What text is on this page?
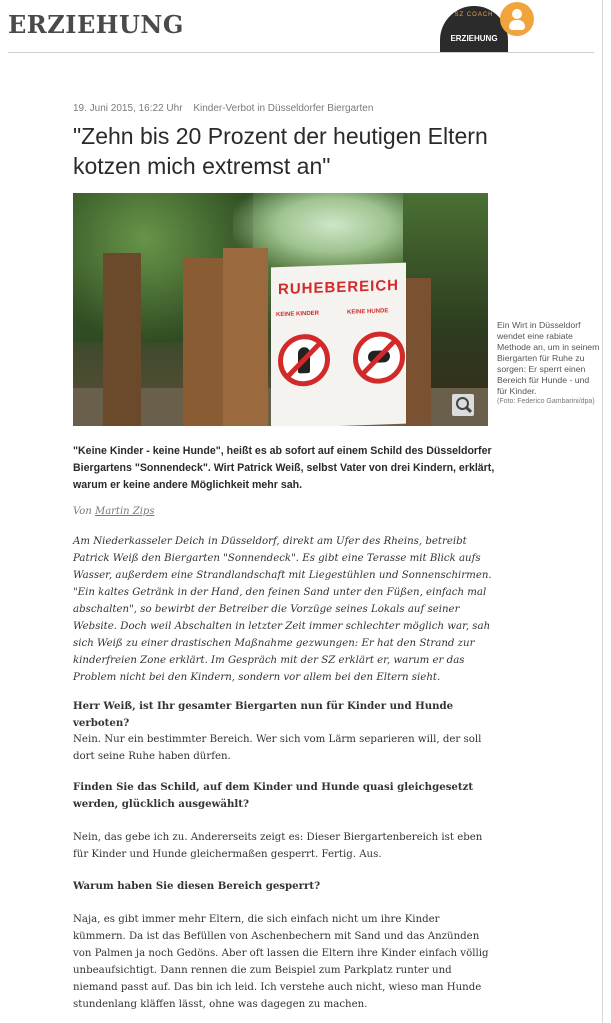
ERZIEHUNG	SZ COACH
ERZIEHUNG
19. Juni 2015, 16:22 Uhr Kinder-Verbot in Düsseldorfer Biergarten
"Zehn bis 20 Prozent der heutigen Eltern kotzen mich extremst an"
RUHEBEREICH
KEINE KINDER	KEINE HUNDE
Ein Wirt in Düsseldorf wendet eine rabiate Methode an, um in seinem Biergarten für Ruhe zu sorgen: Er sperrt einen Bereich für Hunde - und für Kinder.
(Foto: Federico Gambarini/dpa)

"Keine Kinder - keine Hunde", heißt es ab sofort auf einem Schild des Düsseldorfer Biergartens "Sonnendeck". Wirt Patrick Weiß, selbst Vater von drei Kindern, erklärt, warum er keine andere Möglichkeit mehr sah.

Von Martin Zips

Am Niederkasseler Deich in Düsseldorf, direkt am Ufer des Rheins, betreibt Patrick Weiß den Biergarten "Sonnendeck". Es gibt eine Terasse mit Blick aufs Wasser, außerdem eine Strandlandschaft mit Liegestühlen und Sonnenschirmen. "Ein kaltes Getränk in der Hand, den feinen Sand unter den Füßen, einfach mal abschalten", so bewirbt der Betreiber die Vorzüge seines Lokals auf seiner Website. Doch weil Abschalten in letzter Zeit immer schlechter möglich war, sah sich Weiß zu einer drastischen Maßnahme gezwungen: Er hat den Strand zur kinderfreien Zone erklärt. Im Gespräch mit der SZ erklärt er, warum er das Problem nicht bei den Kindern, sondern vor allem bei den Eltern sieht.

Herr Weiß, ist Ihr gesamter Biergarten nun für Kinder und Hunde verboten?

Nein. Nur ein bestimmter Bereich. Wer sich vom Lärm separieren will, der soll dort seine Ruhe haben dürfen.

Finden Sie das Schild, auf dem Kinder und Hunde quasi gleichgesetzt werden, glücklich ausgewählt?

Nein, das gebe ich zu. Andererseits zeigt es: Dieser Biergartenbereich ist eben für Kinder und Hunde gleichermaßen gesperrt. Fertig. Aus.

Warum haben Sie diesen Bereich gesperrt?

Naja, es gibt immer mehr Eltern, die sich einfach nicht um ihre Kinder kümmern. Da ist das Befüllen von Aschenbechern mit Sand und das Anzünden von Palmen ja noch Gedöns. Aber oft lassen die Eltern ihre Kinder einfach völlig unbeaufsichtigt. Dann rennen die zum Beispiel zum Parkplatz runter und niemand passt auf. Das bin ich leid. Ich verstehe auch nicht, wieso man Hunde stundenlang kläffen lässt, ohne was dagegen zu machen.
